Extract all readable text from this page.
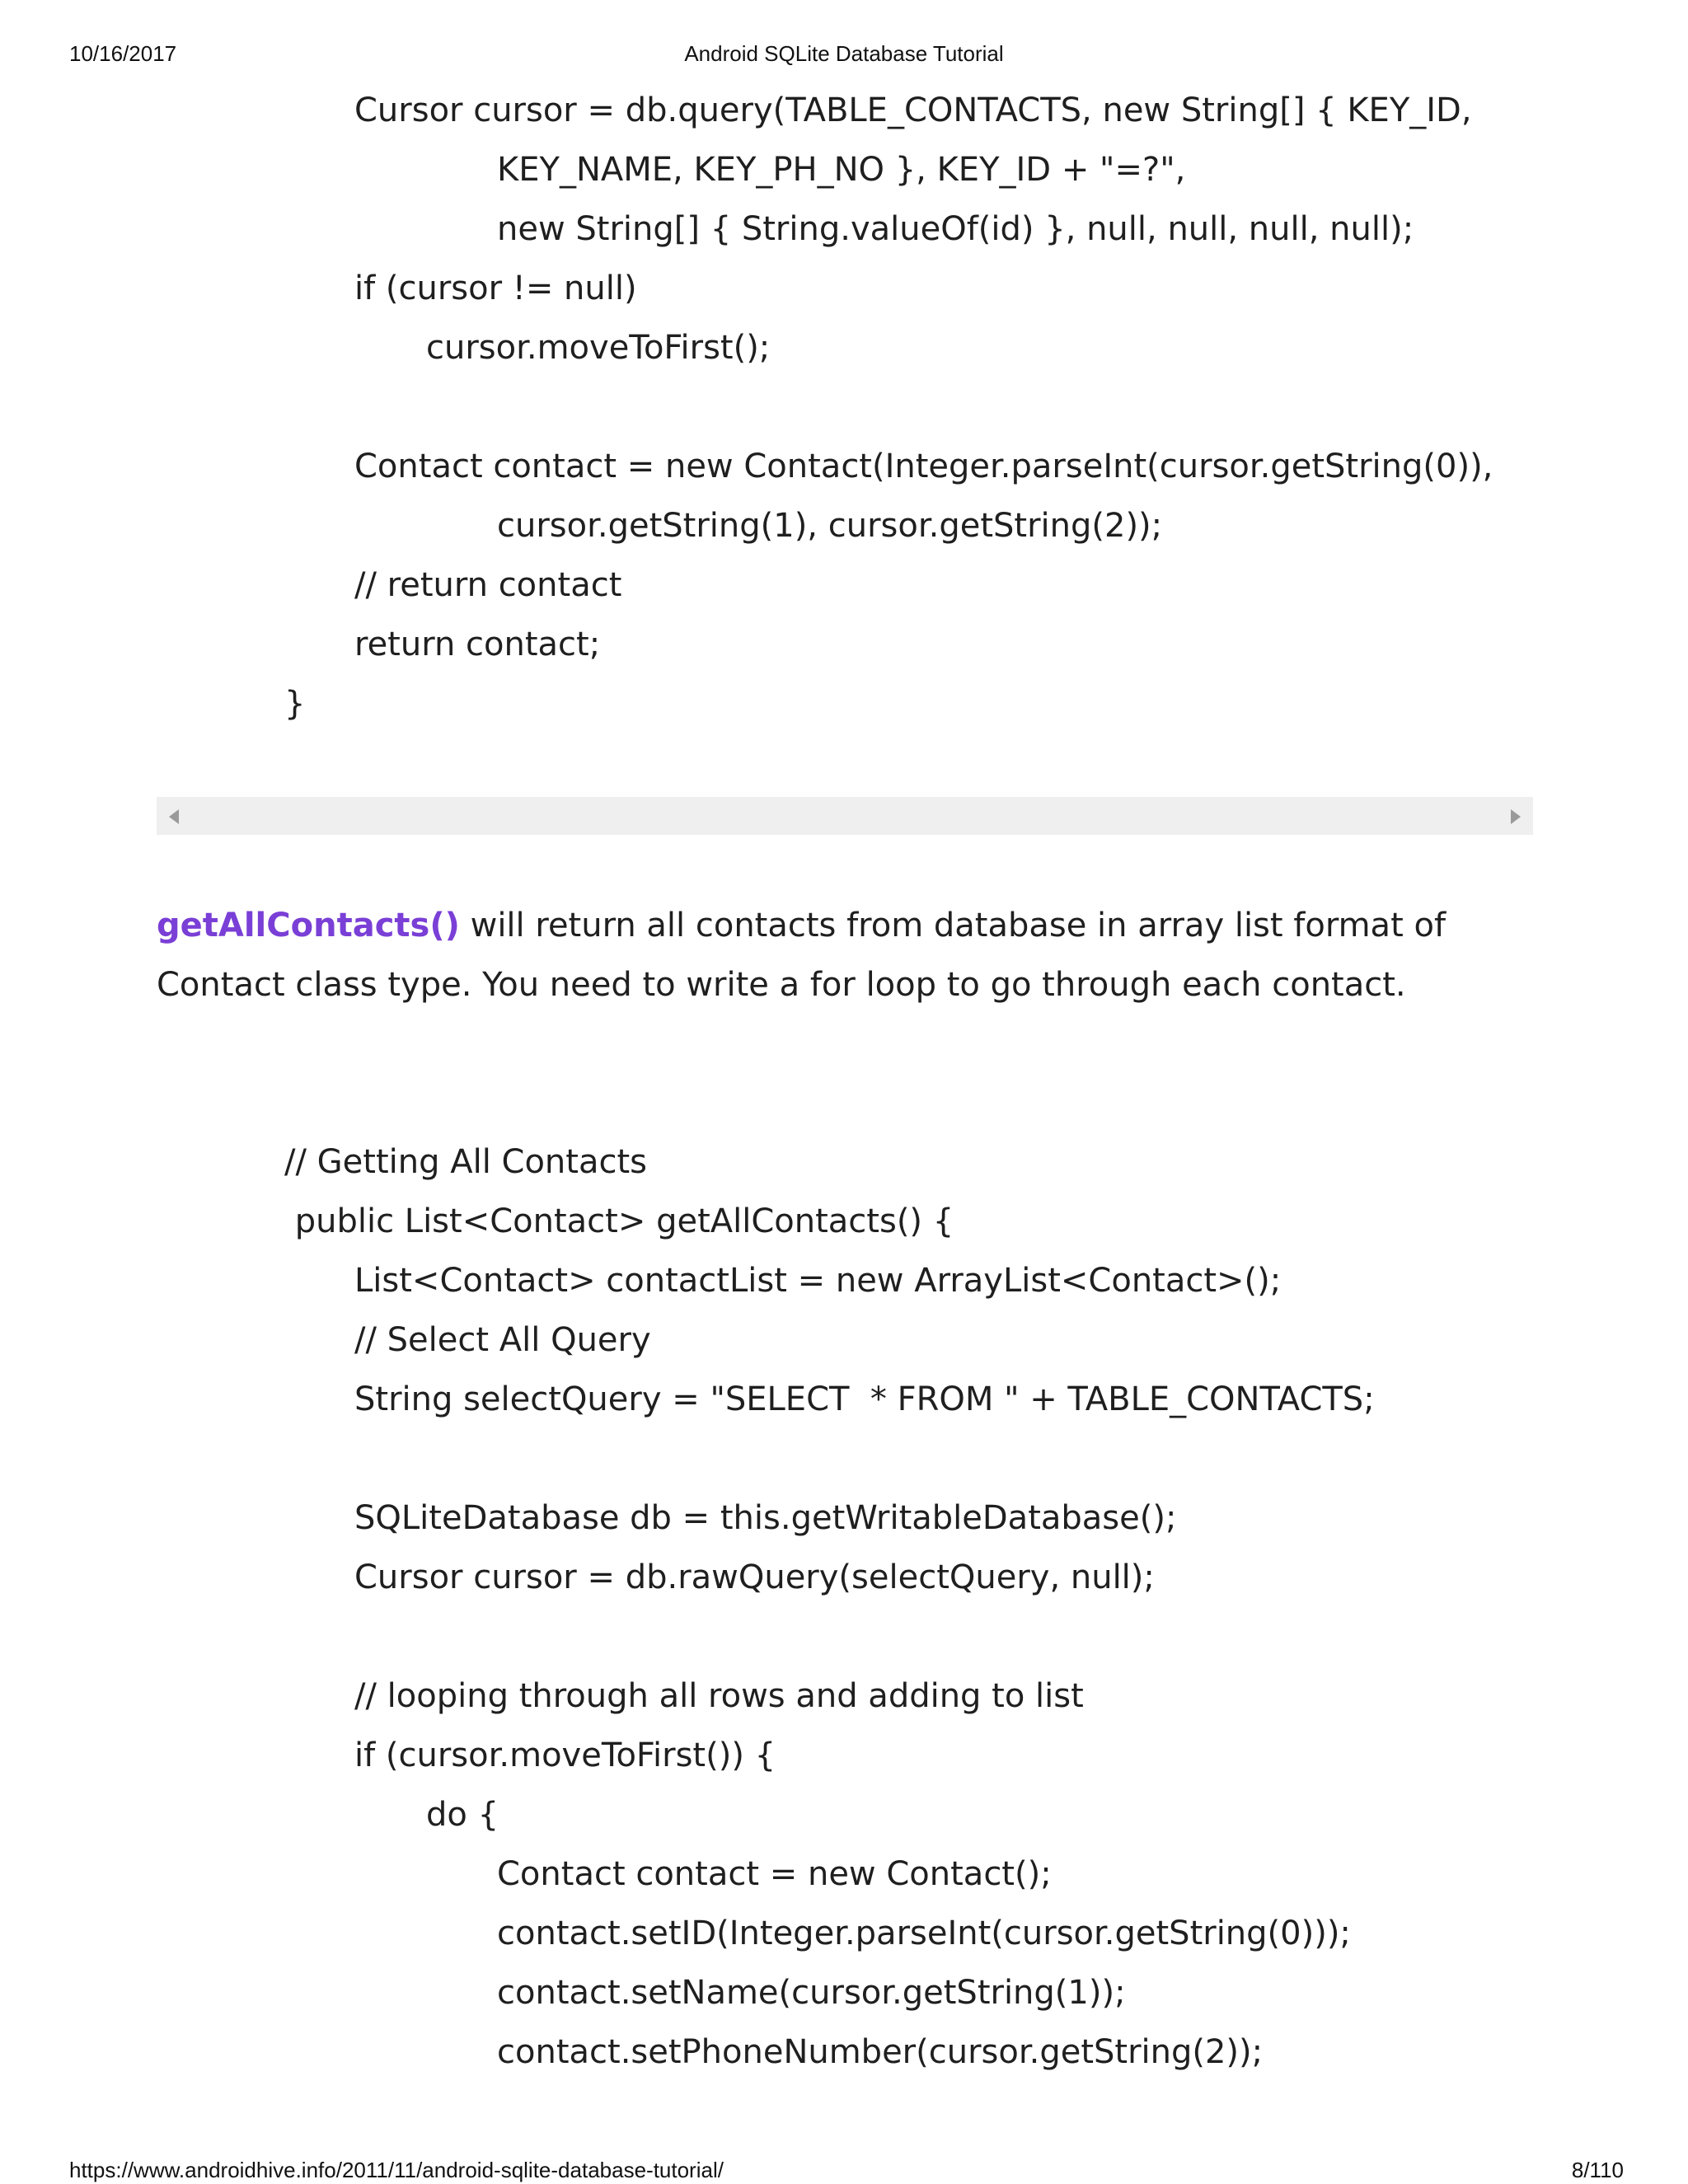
10/16/2017	Android SQLite Database Tutorial
Cursor cursor = db.query(TABLE_CONTACTS, new String[] { KEY_ID,
KEY_NAME, KEY_PH_NO }, KEY_ID + "=?",
new String[] { String.valueOf(id) }, null, null, null, null);
if (cursor != null)
cursor.moveToFirst();
Contact contact = new Contact(Integer.parseInt(cursor.getString(0)),
cursor.getString(1), cursor.getString(2));
// return contact
return contact;
}
getAllContacts() will return all contacts from database in array list format of Contact class type. You need to write a for loop to go through each contact.
// Getting All Contacts
public List<Contact> getAllContacts() {
List<Contact> contactList = new ArrayList<Contact>();
// Select All Query
String selectQuery = "SELECT  * FROM " + TABLE_CONTACTS;
SQLiteDatabase db = this.getWritableDatabase();
Cursor cursor = db.rawQuery(selectQuery, null);
// looping through all rows and adding to list
if (cursor.moveToFirst()) {
do {
Contact contact = new Contact();
contact.setID(Integer.parseInt(cursor.getString(0)));
contact.setName(cursor.getString(1));
contact.setPhoneNumber(cursor.getString(2));
https://www.androidhive.info/2011/11/android-sqlite-database-tutorial/	8/110
